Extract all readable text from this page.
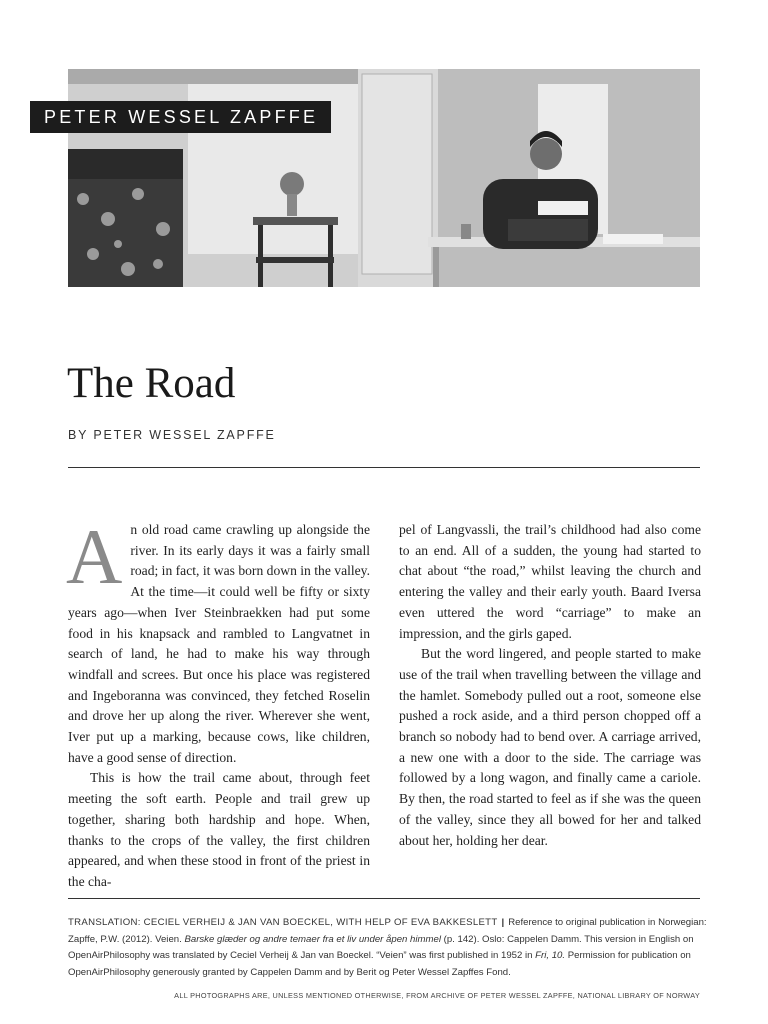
PETER WESSEL ZAPFFE
The Road
BY PETER WESSEL ZAPFFE

An old road came crawling up alongside the river. In its early days it was a fairly small road; in fact, it was born down in the valley. At the time—it could well be fifty or sixty years ago—when Iver Steinbraekken had put some food in his knapsack and rambled to Langvatnet in search of land, he had to make his way through windfall and screes. But once his place was registered and Ingeboranna was convinced, they fetched Roselin and drove her up along the river. Wherever she went, Iver put up a marking, because cows, like children, have a good sense of direction.

This is how the trail came about, through feet meeting the soft earth. People and trail grew up together, sharing both hardship and hope. When, thanks to the crops of the valley, the first children appeared, and when these stood in front of the priest in the cha-

pel of Langvassli, the trail’s childhood had also come to an end. All of a sudden, the young had started to chat about “the road,” whilst leaving the church and entering the valley and their early youth. Baard Iversa even uttered the word “carriage” to make an impression, and the girls gaped.

But the word lingered, and people started to make use of the trail when travelling between the village and the hamlet. Somebody pulled out a root, someone else pushed a rock aside, and a third person chopped off a branch so nobody had to bend over. A carriage arrived, a new one with a door to the side. The carriage was followed by a long wagon, and finally came a cariole. By then, the road started to feel as if she was the queen of the valley, since they all bowed for her and talked about her, holding her dear.

TRANSLATION: CECIEL VERHEIJ & JAN VAN BOECKEL, WITH HELP OF EVA BAKKESLETT | Reference to original publication in Norwegian: Zapffe, P.W. (2012). Veien. Barske glæder og andre temaer fra et liv under åpen himmel (p. 142). Oslo: Cappelen Damm. This version in English on OpenAirPhilosophy was translated by Ceciel Verheij & Jan van Boeckel. “Veien” was first published in 1952 in Fri, 10. Permission for publication on OpenAirPhilosophy generously granted by Cappelen Damm and by Berit og Peter Wessel Zapffes Fond.
ALL PHOTOGRAPHS ARE, UNLESS MENTIONED OTHERWISE, FROM ARCHIVE OF PETER WESSEL ZAPFFE, NATIONAL LIBRARY OF NORWAY
